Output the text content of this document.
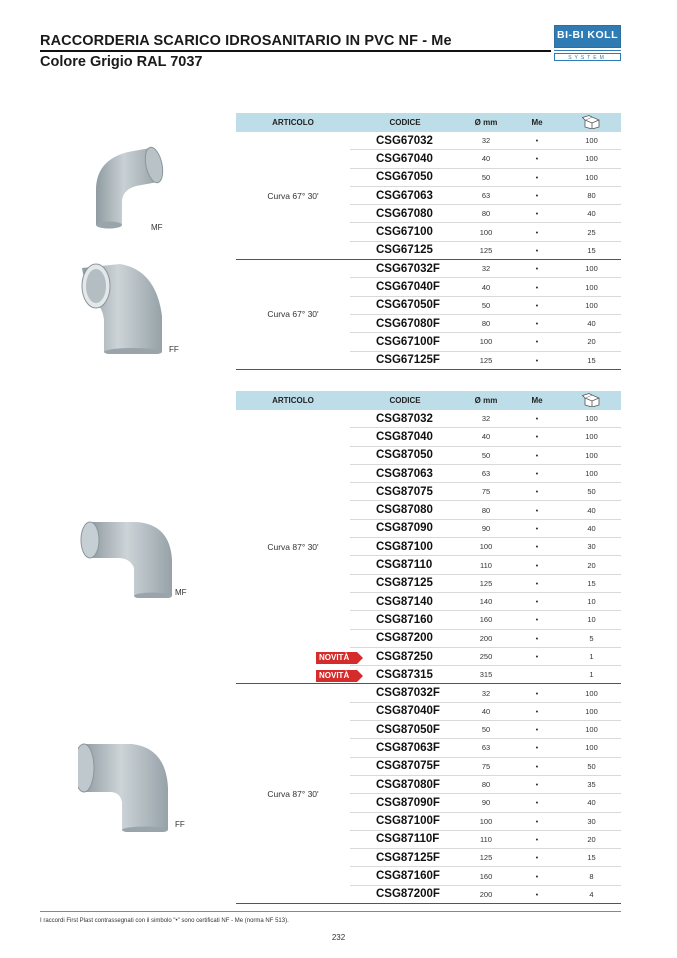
RACCORDERIA SCARICO IDROSANITARIO IN PVC NF - Me
Colore Grigio RAL 7037
BI-BI KOLL
SYSTEM
MF
FF
MF
FF
ARTICOLO	CODICE	Ø mm	Me	
Curva 67° 30'	CSG67032	32	•	100
	CSG67040	40	•	100
	CSG67050	50	•	100
	CSG67063	63	•	80
	CSG67080	80	•	40
	CSG67100	100	•	25
	CSG67125	125	•	15
Curva 67° 30'	CSG67032F	32	•	100
	CSG67040F	40	•	100
	CSG67050F	50	•	100
	CSG67080F	80	•	40
	CSG67100F	100	•	20
	CSG67125F	125	•	15
ARTICOLO	CODICE	Ø mm	Me	
Curva 87° 30'	CSG87032	32	•	100
	CSG87040	40	•	100
	CSG87050	50	•	100
	CSG87063	63	•	100
	CSG87075	75	•	50
	CSG87080	80	•	40
	CSG87090	90	•	40
	CSG87100	100	•	30
	CSG87110	110	•	20
	CSG87125	125	•	15
	CSG87140	140	•	10
	CSG87160	160	•	10
	CSG87200	200	•	5

	NOVITÀ CSG87250	250	•	1

	NOVITÀ CSG87315	315		1
Curva 87° 30'	CSG87032F	32	•	100
	CSG87040F	40	•	100
	CSG87050F	50	•	100
	CSG87063F	63	•	100
	CSG87075F	75	•	50
	CSG87080F	80	•	35
	CSG87090F	90	•	40
	CSG87100F	100	•	30
	CSG87110F	110	•	20
	CSG87125F	125	•	15
	CSG87160F	160	•	8
	CSG87200F	200	•	4
I raccordi First Plast contrassegnati con il simbolo "•" sono certificati NF - Me (norma NF 513).
232
